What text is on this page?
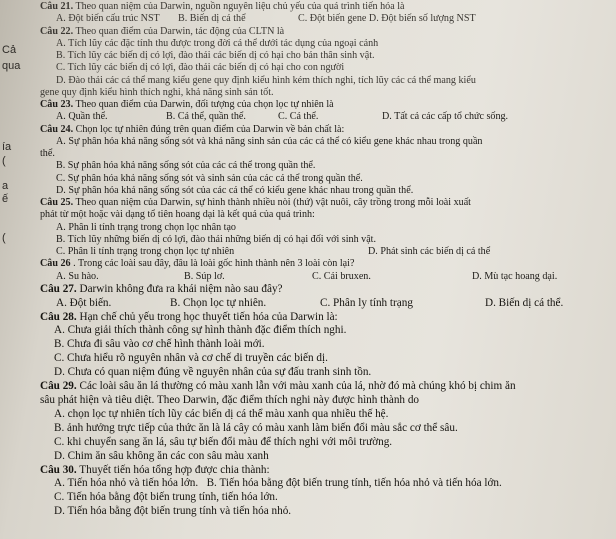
Cả
qua
ía
(
a
ế
(
Câu 21. Theo quan niệm của Darwin, nguồn nguyên liệu chủ yếu của quá trình tiến hóa là
A. Đột biến cấu trúc NST	B. Biến dị cá thể	C. Đột biến gene D. Đột biến số lượng NST
Câu 22. Theo quan điểm của Darwin, tác động của CLTN là
A. Tích lũy các đặc tính thu được trong đời cá thể dưới tác dụng của ngoại cảnh
B. Tích lũy các biến dị có lợi, đào thải các biến dị có hại cho bản thân sinh vật.
C. Tích lũy các biến dị có lợi, đào thải các biến dị có hại cho con người
D. Đào thải các cá thể mang kiểu gene quy định kiểu hình kém thích nghi, tích lũy các cá thể mang kiểu
gene quy định kiểu hình thích nghi, khả năng sinh sản tốt.
Câu 23. Theo quan điểm của Darwin, đối tượng của chọn lọc tự nhiên là
A. Quần thể.	B. Cá thể, quần thể.	C. Cá thể.	D. Tất cả các cấp tổ chức sống.
Câu 24. Chọn lọc tự nhiên đúng trên quan điểm của Darwin về bản chất là:
A. Sự phân hóa khả năng sống sót và khả năng sinh sản của các cá thể có kiểu gene khác nhau trong quần
thể.
B. Sự phân hóa khả năng sống sót của các cá thể trong quần thể.
C. Sự phân hóa khả năng sống sót và sinh sản của các cá thể trong quần thể.
D. Sự phân hóa khả năng sống sót của các cá thể có kiểu gene khác nhau trong quần thể.
Câu 25. Theo quan niệm của Darwin, sự hình thành nhiều nòi (thứ) vật nuôi, cây trồng trong mỗi loài xuất
phát từ một hoặc vài dạng tổ tiên hoang dại là kết quả của quá trình:
A. Phân li tính trạng trong chọn lọc nhân tạo
B. Tích lũy những biến dị có lợi, đào thải những biến dị có hại đối với sinh vật.
C. Phân li tính trạng trong chọn lọc tự nhiên	D. Phát sinh các biến dị cá thể
Câu 26 . Trong các loài sau đây, đâu là loài gốc hình thành nên 3 loài còn lại?
A. Su hào.	B. Súp lơ.	C. Cải bruxen.	D. Mù tạc hoang dại.
Câu 27. Darwin không đưa ra khái niệm nào sau đây?
A. Đột biến.	B. Chọn lọc tự nhiên.	C. Phân ly tính trạng	D. Biến dị cá thể.
Câu 28. Hạn chế chủ yếu trong học thuyết tiến hóa của Darwin là:
A. Chưa giải thích thành công sự hình thành đặc điểm thích nghi.
B. Chưa đi sâu vào cơ chế hình thành loài mới.
C. Chưa hiểu rõ nguyên nhân và cơ chế di truyền các biến dị.
D. Chưa có quan niệm đúng về nguyên nhân của sự đấu tranh sinh tồn.
Câu 29. Các loài sâu ăn lá thường có màu xanh lẫn với màu xanh của lá, nhờ đó mà chúng khó bị chim ăn
sâu phát hiện và tiêu diệt. Theo Darwin, đặc điểm thích nghi này được hình thành do
A. chọn lọc tự nhiên tích lũy các biến dị cá thể màu xanh qua nhiều thế hệ.
B. ảnh hưởng trực tiếp của thức ăn là lá cây có màu xanh làm biến đổi màu sắc cơ thể sâu.
C. khi chuyển sang ăn lá, sâu tự biến đổi màu để thích nghi với môi trường.
D. Chim ăn sâu không ăn các con sâu màu xanh
Câu 30. Thuyết tiến hóa tổng hợp được chia thành:
A. Tiến hóa nhỏ và tiến hóa lớn. B. Tiến hóa bằng đột biến trung tính, tiến hóa nhỏ và tiến hóa lớn.
C. Tiến hóa bằng đột biến trung tính, tiến hóa lớn.
D. Tiến hóa bằng đột biến trung tính và tiến hóa nhỏ.
